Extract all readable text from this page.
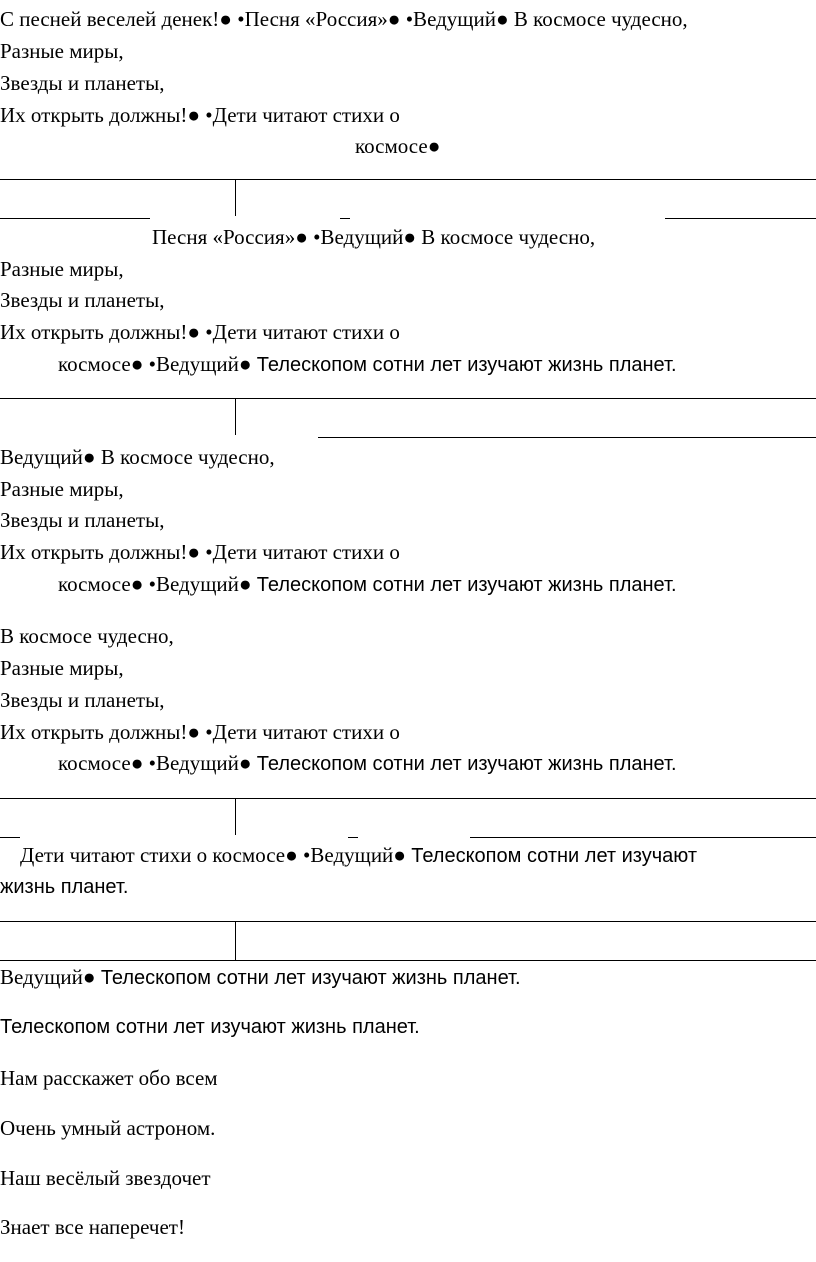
С песней веселей денек!● •Песня «Россия»● •Ведущий● В космосе чудесно,
Разные миры,
Звезды и планеты,
Их открыть должны!● •Дети читают стихи о
космосе●
Песня «Россия»● •Ведущий● В космосе чудесно,
Разные миры,
Звезды и планеты,
Их открыть должны!● •Дети читают стихи о
космосе● •Ведущий● Телескопом сотни лет изучают жизнь планет.
Ведущий● В космосе чудесно,
Разные миры,
Звезды и планеты,
Их открыть должны!● •Дети читают стихи о
космосе● •Ведущий● Телескопом сотни лет изучают жизнь планет.
В космосе чудесно,
Разные миры,
Звезды и планеты,
Их открыть должны!● •Дети читают стихи о
космосе● •Ведущий● Телескопом сотни лет изучают жизнь планет.
Дети читают стихи о космосе● •Ведущий● Телескопом сотни лет изучают
жизнь планет.
Ведущий● Телескопом сотни лет изучают жизнь планет.
Телескопом сотни лет изучают жизнь планет.
Нам расскажет обо всем
Очень умный астроном.
Наш весёлый звездочет
Знает все наперечет!
